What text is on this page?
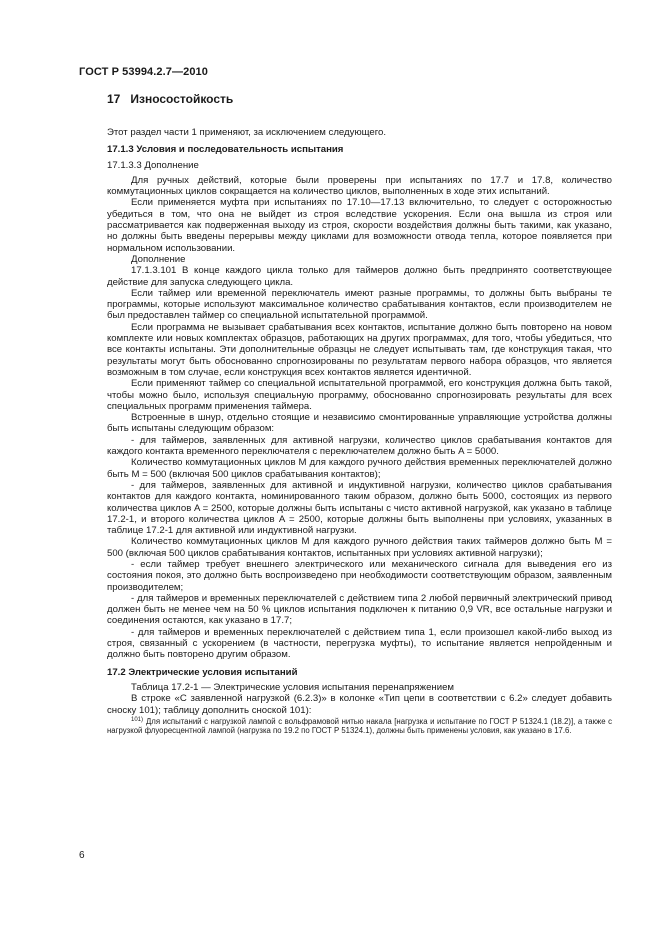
ГОСТ Р 53994.2.7—2010
17 Износостойкость

Этот раздел части 1 применяют, за исключением следующего.

17.1.3 Условия и последовательность испытания

17.1.3.3 Дополнение

Для ручных действий, которые были проверены при испытаниях по 17.7 и 17.8, количество коммутационных циклов сокращается на количество циклов, выполненных в ходе этих испытаний.

Если применяется муфта при испытаниях по 17.10—17.13 включительно, то следует с осторожностью убедиться в том, что она не выйдет из строя вследствие ускорения. Если она вышла из строя или рассматривается как подверженная выходу из строя, скорости воздействия должны быть такими, как указано, но должны быть введены перерывы между циклами для возможности отвода тепла, которое появляется при нормальном использовании.

Дополнение

17.1.3.101 В конце каждого цикла только для таймеров должно быть предпринято соответствующее действие для запуска следующего цикла.

Если таймер или временной переключатель имеют разные программы, то должны быть выбраны те программы, которые используют максимальное количество срабатывания контактов, если производителем не был предоставлен таймер со специальной испытательной программой.

Если программа не вызывает срабатывания всех контактов, испытание должно быть повторено на новом комплекте или новых комплектах образцов, работающих на других программах, для того, чтобы убедиться, что все контакты испытаны. Эти дополнительные образцы не следует испытывать там, где конструкция такая, что результаты могут быть обоснованно спрогнозированы по результатам первого набора образцов, что является возможным в том случае, если конструкция всех контактов является идентичной.

Если применяют таймер со специальной испытательной программой, его конструкция должна быть такой, чтобы можно было, используя специальную программу, обоснованно спрогнозировать результаты для всех специальных программ применения таймера.

Встроенные в шнур, отдельно стоящие и независимо смонтированные управляющие устройства должны быть испытаны следующим образом:

- для таймеров, заявленных для активной нагрузки, количество циклов срабатывания контактов для каждого контакта временного переключателя с переключателем должно быть A = 5000.

Количество коммутационных циклов M для каждого ручного действия временных переключателей должно быть M = 500 (включая 500 циклов срабатывания контактов);

- для таймеров, заявленных для активной и индуктивной нагрузки, количество циклов срабатывания контактов для каждого контакта, номинированного таким образом, должно быть 5000, состоящих из первого количества циклов A = 2500, которые должны быть испытаны с чисто активной нагрузкой, как указано в таблице 17.2-1, и второго количества циклов A = 2500, которые должны быть выполнены при условиях, указанных в таблице 17.2-1 для активной или индуктивной нагрузки.

Количество коммутационных циклов M для каждого ручного действия таких таймеров должно быть M = 500 (включая 500 циклов срабатывания контактов, испытанных при условиях активной нагрузки);

- если таймер требует внешнего электрического или механического сигнала для выведения его из состояния покоя, это должно быть воспроизведено при необходимости соответствующим образом, заявленным производителем;

- для таймеров и временных переключателей с действием типа 2 любой первичный электрический привод должен быть не менее чем на 50 % циклов испытания подключен к питанию 0,9 VR, все остальные нагрузки и соединения остаются, как указано в 17.7;

- для таймеров и временных переключателей с действием типа 1, если произошел какой-либо выход из строя, связанный с ускорением (в частности, перегрузка муфты), то испытание является непройденным и должно быть повторено другим образом.

17.2 Электрические условия испытаний

Таблица 17.2-1 — Электрические условия испытания перенапряжением

В строке «С заявленной нагрузкой (6.2.3)» в колонке «Тип цепи в соответствии с 6.2» следует добавить сноску 101); таблицу дополнить сноской 101):

$^{101)}$ Для испытаний с нагрузкой лампой с вольфрамовой нитью накала [нагрузка и испытание по ГОСТ Р 51324.1 (18.2)], а также с нагрузкой флуоресцентной лампой (нагрузка по 19.2 по ГОСТ Р 51324.1), должны быть применены условия, как указано в 17.6.

6
